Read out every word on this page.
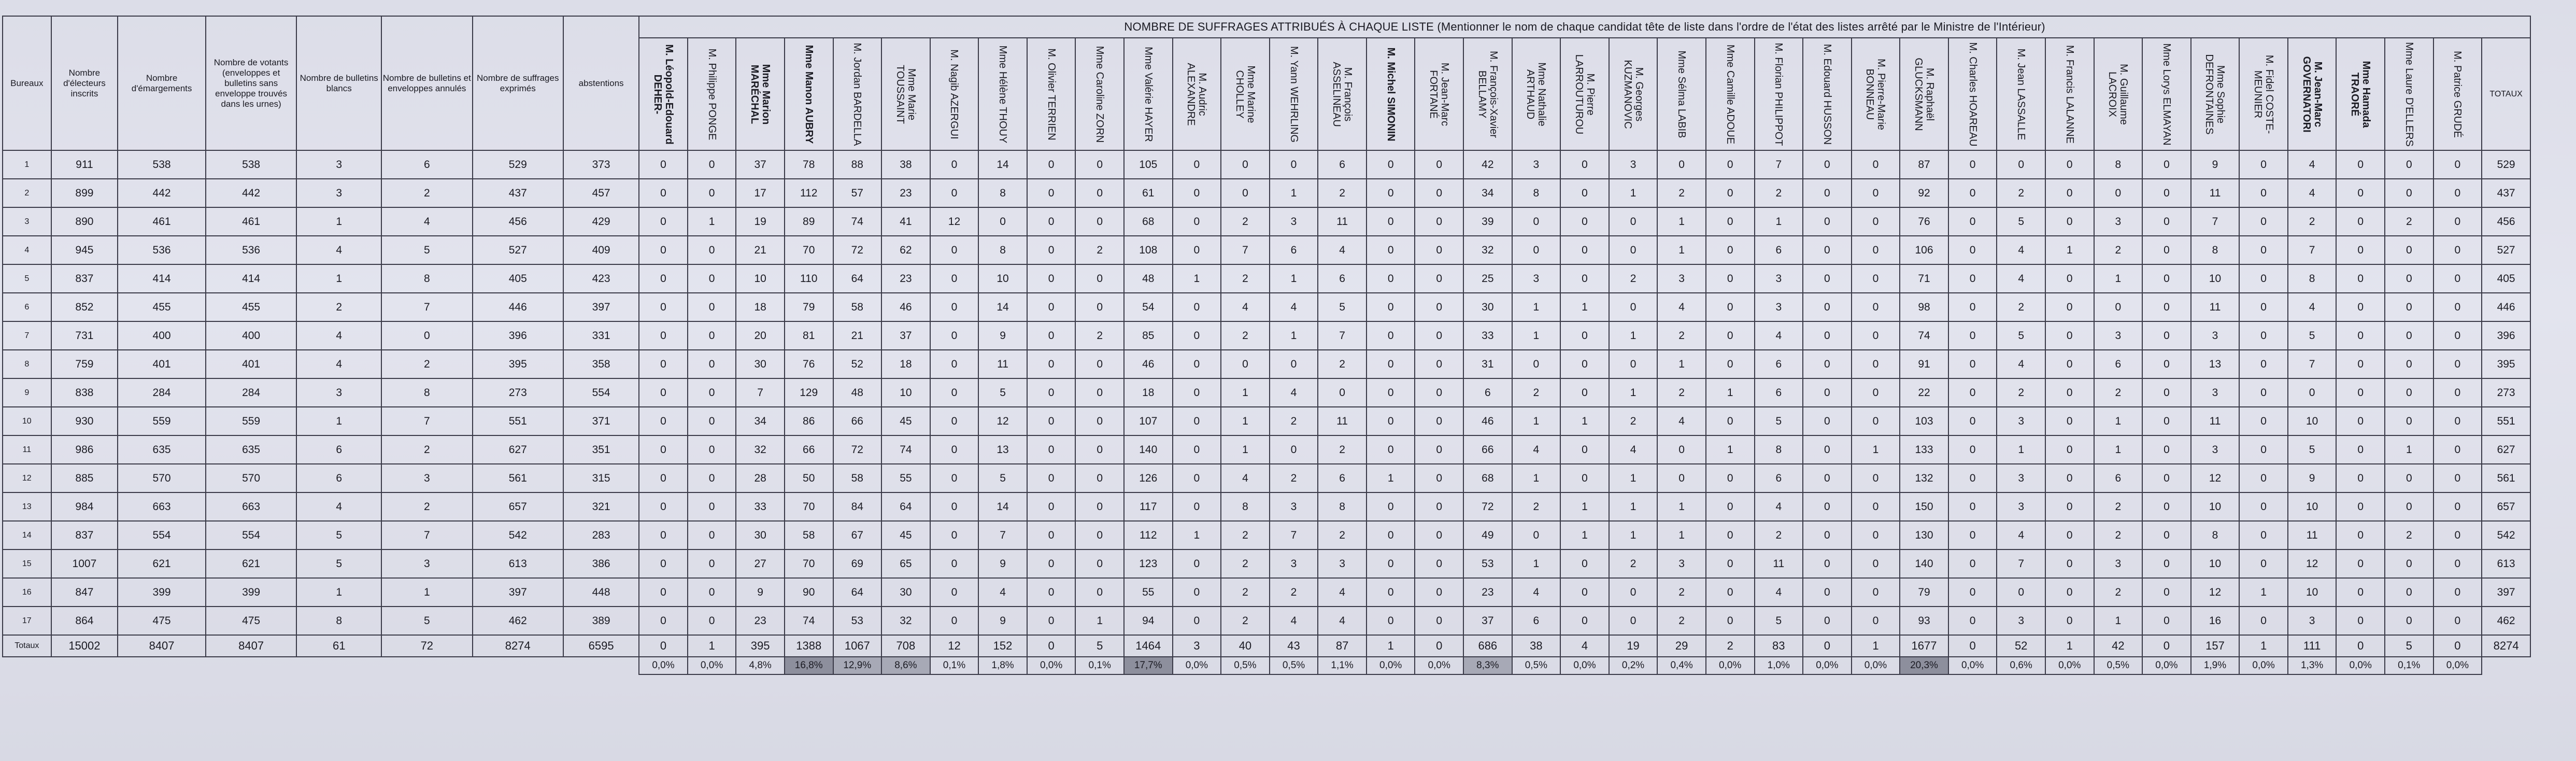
Bureaux	Nombre d'électeurs inscrits	Nombre d'émargements	Nombre de votants (enveloppes et bulletins sans enveloppe trouvés dans les urnes)	Nombre de bulletins blancs	Nombre de bulletins et enveloppes annulés	Nombre de suffrages exprimés	abstentions	NOMBRE DE SUFFRAGES ATTRIBUÉS À CHAQUE LISTE (Mentionner le nom de chaque candidat tête de liste dans l'ordre de l'état des listes arrêté par le Ministre de l'Intérieur)																																						

								M. Léopold-Edouard DEHER-	M. Philippe PONGE	Mme Marion MARÉCHAL	Mme Manon AUBRY	M. Jordan BARDELLA	Mme Marie TOUSSAINT	M. Nagib AZERGUI	Mme Hélène THOUY	M. Olivier TERRIEN	Mme Caroline ZORN	Mme Valérie HAYER	M. Audric ALEXANDRE	Mme Marine CHOLLEY	M. Yann WEHRLING	M. François ASSELINEAU	M. Michel SIMONIN	M. Jean-Marc FORTANÉ	M. François-Xavier BELLAMY	Mme Nathalie ARTHAUD	M. Pierre LARROUTUROU	M. Georges KUZMANOVIC	Mme Sélma LABIB	Mme Camille ADOUE	M. Florian PHILIPPOT	M. Edouard HUSSON	M. Pierre-Marie BONNEAU	M. Raphaël GLUCKSMANN	M. Charles HOAREAU	M. Jean LASSALLE	M. Francis LALANNE	M. Guillaume LACROIX	Mme Lorys ELMAYAN	Mme Sophie DEFRONTAINES	M. Fidel COSTE-MEUNIER	M. Jean-Marc GOVERNATORI	Mme Hamada TRAORÉ	Mme Laure D'ELLERS	M. Patrice GRUDÉ	TOTAUX
1	911	538	538	3	6	529	373	0	0	37	78	88	38	0	14	0	0	105	0	0	0	6	0	0	42	3	0	3	0	0	7	0	0	87	0	0	0	8	0	9	0	4	0	0	0	529
2	899	442	442	3	2	437	457	0	0	17	112	57	23	0	8	0	0	61	0	0	1	2	0	0	34	8	0	1	2	0	2	0	0	92	0	2	0	0	0	11	0	4	0	0	0	437
3	890	461	461	1	4	456	429	0	1	19	89	74	41	12	0	0	0	68	0	2	3	11	0	0	39	0	0	0	1	0	1	0	0	76	0	5	0	3	0	7	0	2	0	2	0	456
4	945	536	536	4	5	527	409	0	0	21	70	72	62	0	8	0	2	108	0	7	6	4	0	0	32	0	0	0	1	0	6	0	0	106	0	4	1	2	0	8	0	7	0	0	0	527
5	837	414	414	1	8	405	423	0	0	10	110	64	23	0	10	0	0	48	1	2	1	6	0	0	25	3	0	2	3	0	3	0	0	71	0	4	0	1	0	10	0	8	0	0	0	405
6	852	455	455	2	7	446	397	0	0	18	79	58	46	0	14	0	0	54	0	4	4	5	0	0	30	1	1	0	4	0	3	0	0	98	0	2	0	0	0	11	0	4	0	0	0	446
7	731	400	400	4	0	396	331	0	0	20	81	21	37	0	9	0	2	85	0	2	1	7	0	0	33	1	0	1	2	0	4	0	0	74	0	5	0	3	0	3	0	5	0	0	0	396
8	759	401	401	4	2	395	358	0	0	30	76	52	18	0	11	0	0	46	0	0	0	2	0	0	31	0	0	0	1	0	6	0	0	91	0	4	0	6	0	13	0	7	0	0	0	395
9	838	284	284	3	8	273	554	0	0	7	129	48	10	0	5	0	0	18	0	1	4	0	0	0	6	2	0	1	2	1	6	0	0	22	0	2	0	2	0	3	0	0	0	0	0	273
10	930	559	559	1	7	551	371	0	0	34	86	66	45	0	12	0	0	107	0	1	2	11	0	0	46	1	1	2	4	0	5	0	0	103	0	3	0	1	0	11	0	10	0	0	0	551
11	986	635	635	6	2	627	351	0	0	32	66	72	74	0	13	0	0	140	0	1	0	2	0	0	66	4	0	4	0	1	8	0	1	133	0	1	0	1	0	3	0	5	0	1	0	627
12	885	570	570	6	3	561	315	0	0	28	50	58	55	0	5	0	0	126	0	4	2	6	1	0	68	1	0	1	0	0	6	0	0	132	0	3	0	6	0	12	0	9	0	0	0	561
13	984	663	663	4	2	657	321	0	0	33	70	84	64	0	14	0	0	117	0	8	3	8	0	0	72	2	1	1	1	0	4	0	0	150	0	3	0	2	0	10	0	10	0	0	0	657
14	837	554	554	5	7	542	283	0	0	30	58	67	45	0	7	0	0	112	1	2	7	2	0	0	49	0	1	1	1	0	2	0	0	130	0	4	0	2	0	8	0	11	0	2	0	542
15	1007	621	621	5	3	613	386	0	0	27	70	69	65	0	9	0	0	123	0	2	3	3	0	0	53	1	0	2	3	0	11	0	0	140	0	7	0	3	0	10	0	12	0	0	0	613
16	847	399	399	1	1	397	448	0	0	9	90	64	30	0	4	0	0	55	0	2	2	4	0	0	23	4	0	0	2	0	4	0	0	79	0	0	0	2	0	12	1	10	0	0	0	397
17	864	475	475	8	5	462	389	0	0	23	74	53	32	0	9	0	1	94	0	2	4	4	0	0	37	6	0	0	2	0	5	0	0	93	0	3	0	1	0	16	0	3	0	0	0	462
Totaux	15002	8407	8407	61	72	8274	6595	0	1	395	1388	1067	708	12	152	0	5	1464	3	40	43	87	1	0	686	38	4	19	29	2	83	0	1	1677	0	52	1	42	0	157	1	111	0	5	0	8274
								0,0%	0,0%	4,8%	16,8%	12,9%	8,6%	0,1%	1,8%	0,0%	0,1%	17,7%	0,0%	0,5%	0,5%	1,1%	0,0%	0,0%	8,3%	0,5%	0,0%	0,2%	0,4%	0,0%	1,0%	0,0%	0,0%	20,3%	0,0%	0,6%	0,0%	0,5%	0,0%	1,9%	0,0%	1,3%	0,0%	0,1%	0,0%	
